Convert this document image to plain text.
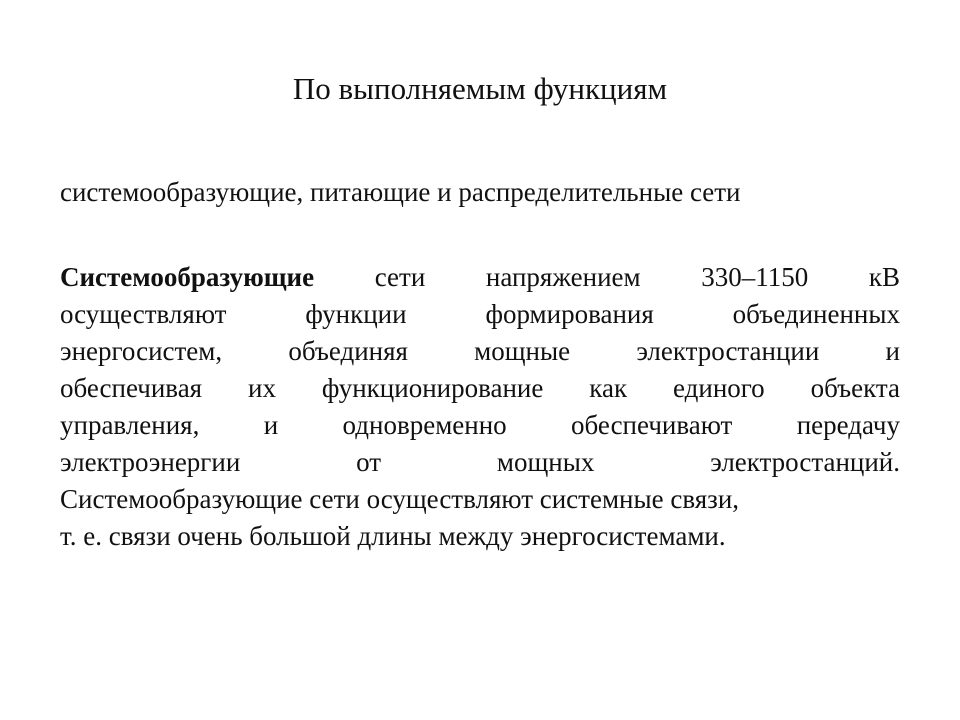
По выполняемым функциям

системообразующие, питающие и распределительные сети

Системообразующие сети напряжением 330–1150 кВ
осуществляют функции формирования объединенных
энергосистем, объединяя мощные электростанции и
обеспечивая их функционирование как единого объекта
управления, и одновременно обеспечивают передачу
электроэнергии от мощных электростанций.
Системообразующие сети осуществляют системные связи,
т. е. связи очень большой длины между энергосистемами.
